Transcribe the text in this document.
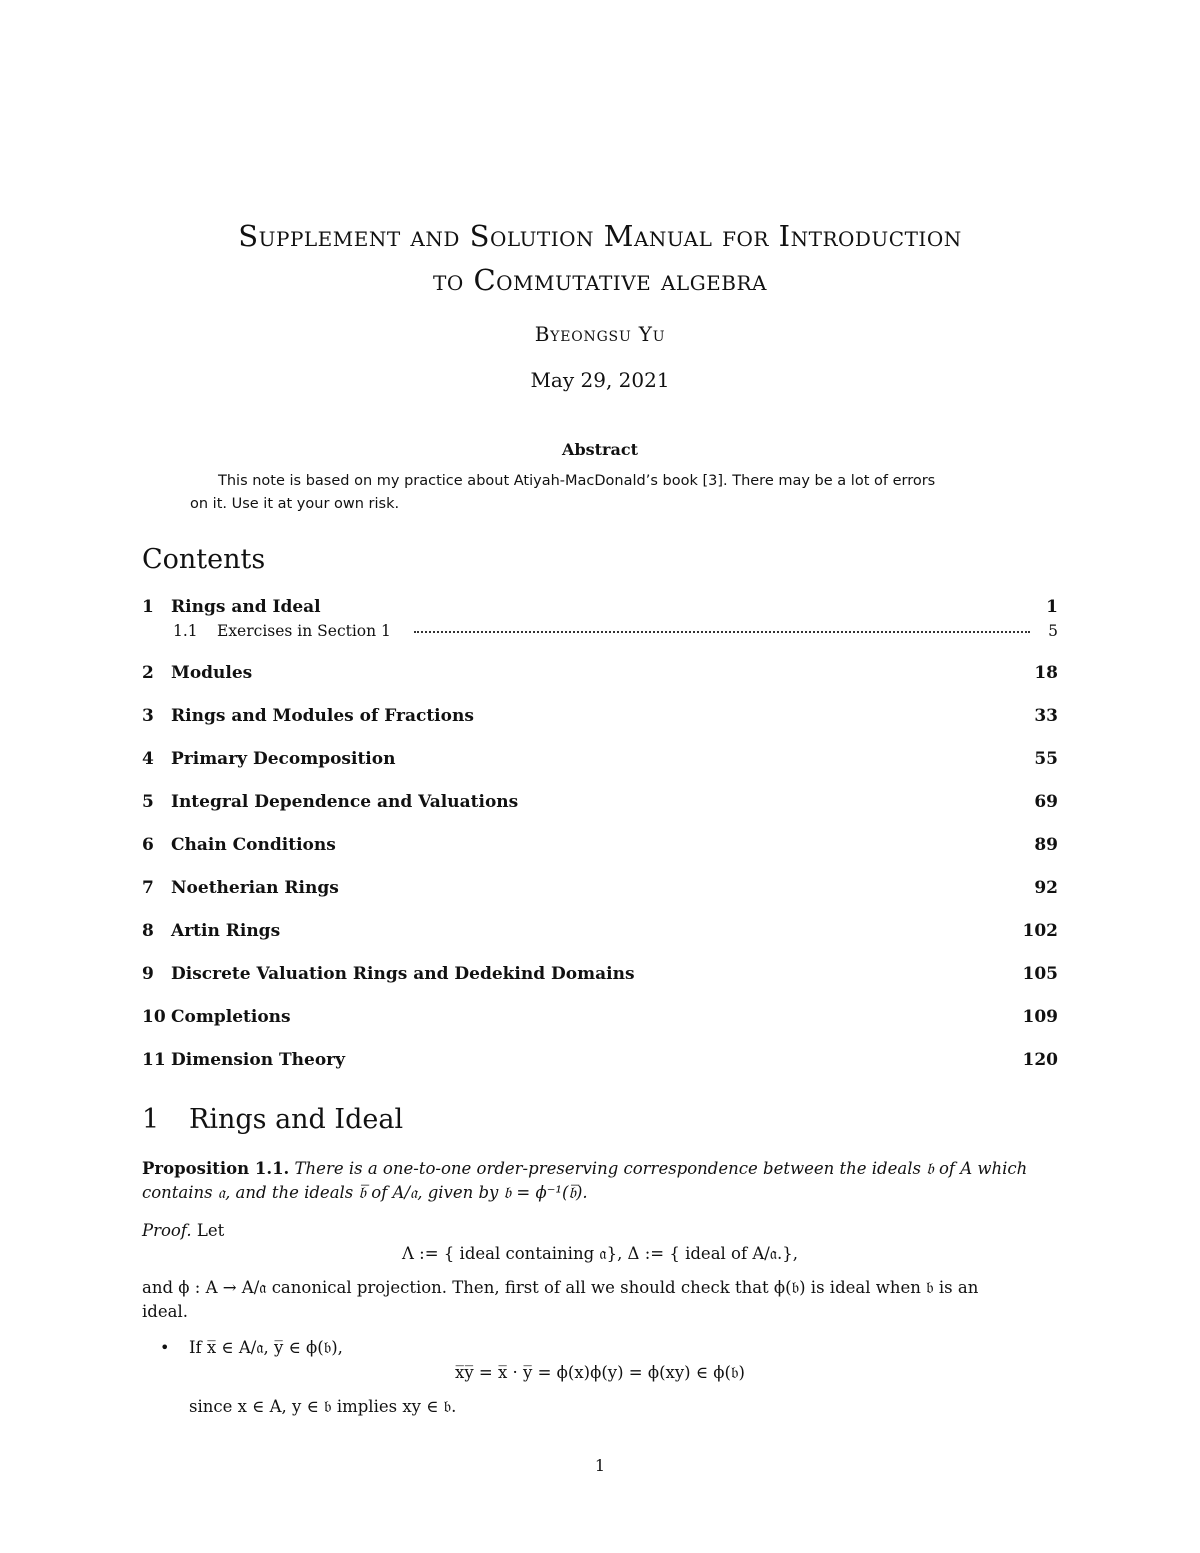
Supplement and Solution Manual for Introduction
to Commutative algebra
Byeongsu Yu
May 29, 2021
Abstract

This note is based on my practice about Atiyah-MacDonald’s book [3]. There may be a lot of errors

on it. Use it at your own risk.
Contents
1 Rings and Ideal	1
1.1 Exercises in Section 1	5
2 Modules	18
3 Rings and Modules of Fractions	33
4 Primary Decomposition	55
5 Integral Dependence and Valuations	69
6 Chain Conditions	89
7 Noetherian Rings	92
8 Artin Rings	102
9 Discrete Valuation Rings and Dedekind Domains	105
10 Completions	109
11 Dimension Theory	120
1 Rings and Ideal
Proposition 1.1. There is a one-to-one order-preserving correspondence between the ideals 𝔟 of A which
contains 𝔞, and the ideals 𝔟̅ of A/𝔞, given by 𝔟 = ϕ⁻¹(𝔟̅).
Proof. Let
Λ := { ideal containing 𝔞}, Δ := { ideal of A/𝔞.},
and ϕ : A → A/𝔞 canonical projection. Then, first of all we should check that ϕ(𝔟) is ideal when 𝔟 is an
ideal.
• If x̅ ∈ A/𝔞, y̅ ∈ ϕ(𝔟),
x̅y̅ = x̅ · y̅ = ϕ(x)ϕ(y) = ϕ(xy) ∈ ϕ(𝔟)
since x ∈ A, y ∈ 𝔟 implies xy ∈ 𝔟.
1
